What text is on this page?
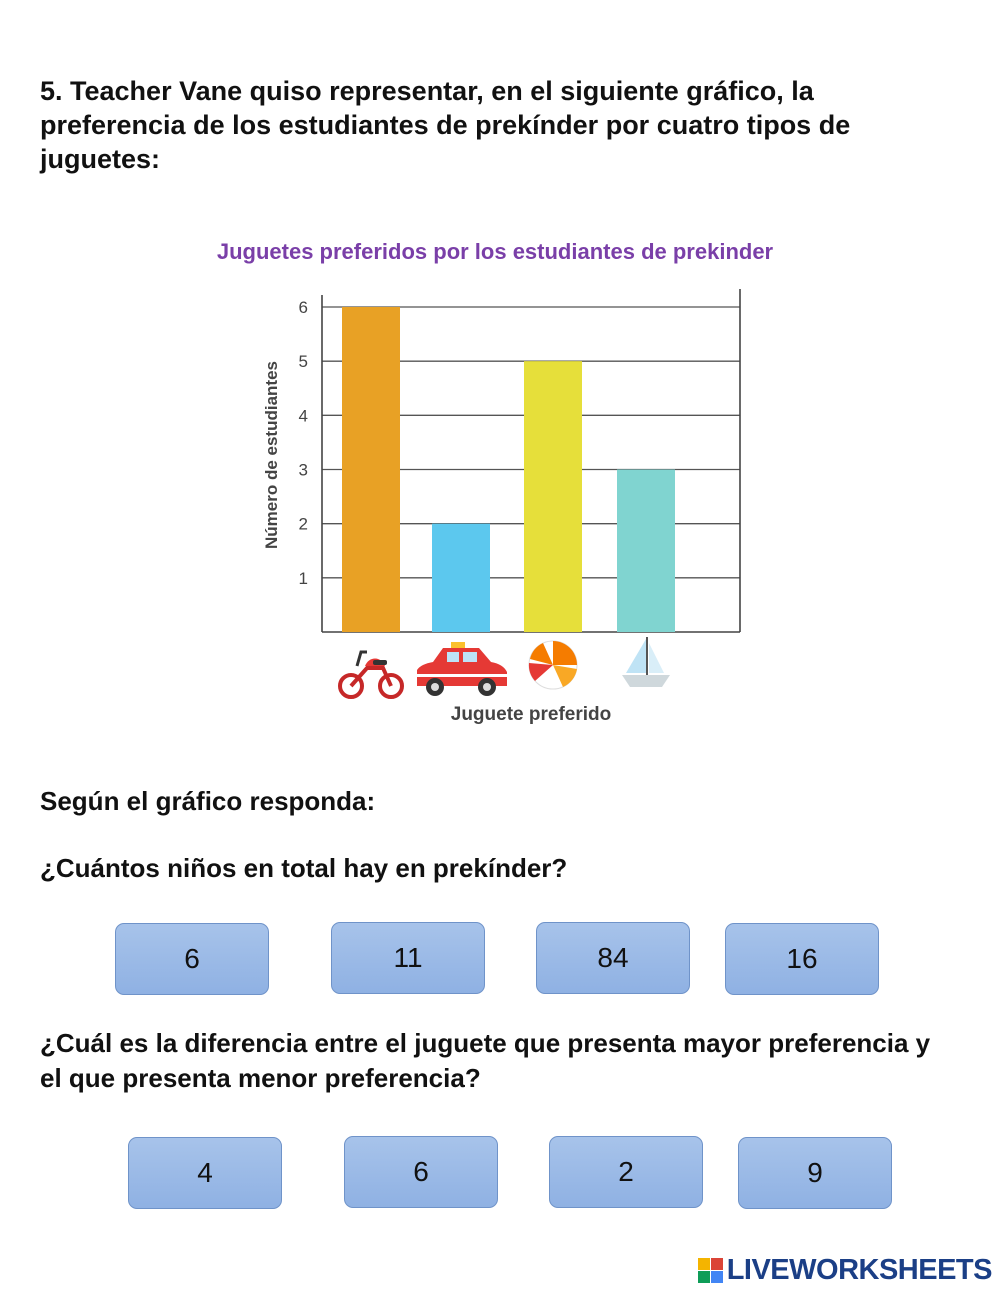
5. Teacher Vane quiso representar, en el siguiente gráfico, la preferencia de los estudiantes de prekínder por cuatro tipos de juguetes:

Juguetes preferidos por los estudiantes de prekinder
Número de estudiantes
1
2
3
4
5
6
Juguete preferido

Según el gráfico responda:

¿Cuántos niños en total hay en prekínder?

6	11	84	16

¿Cuál es la diferencia entre el juguete que presenta mayor preferencia y el que presenta menor preferencia?

4	6	2	9
LIVEWORKSHEETS
